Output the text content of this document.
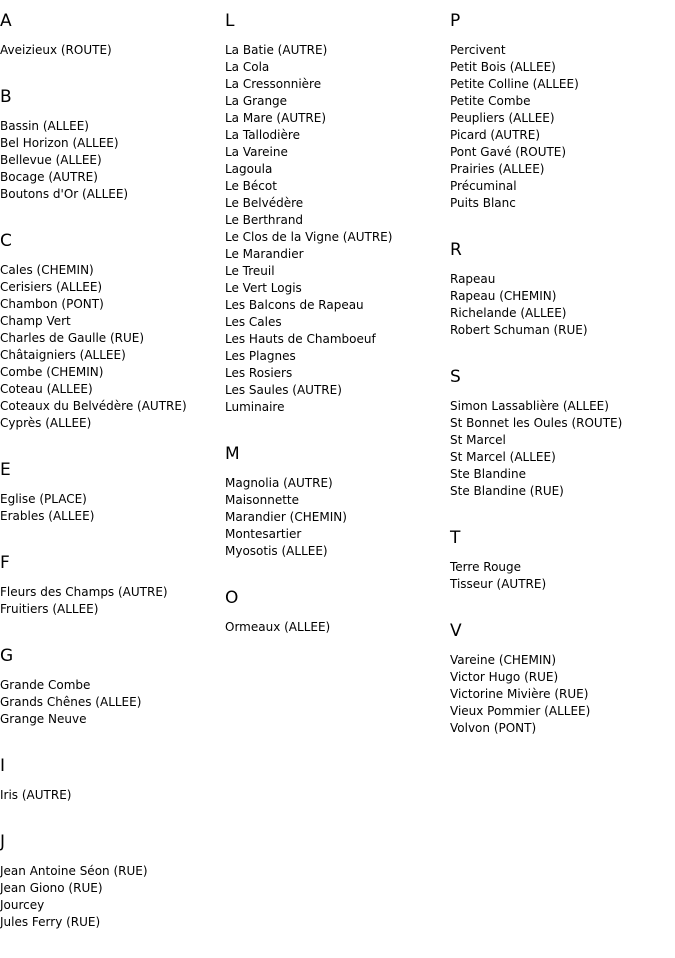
A
Aveizieux (ROUTE)
B
Bassin (ALLEE)
Bel Horizon (ALLEE)
Bellevue (ALLEE)
Bocage (AUTRE)
Boutons d'Or (ALLEE)
C
Cales (CHEMIN)
Cerisiers (ALLEE)
Chambon (PONT)
Champ Vert
Charles de Gaulle (RUE)
Châtaigniers (ALLEE)
Combe (CHEMIN)
Coteau (ALLEE)
Coteaux du Belvédère (AUTRE)
Cyprès (ALLEE)
E
Eglise (PLACE)
Erables (ALLEE)
F
Fleurs des Champs (AUTRE)
Fruitiers (ALLEE)
G
Grande Combe
Grands Chênes (ALLEE)
Grange Neuve
I
Iris (AUTRE)
J
Jean Antoine Séon (RUE)
Jean Giono (RUE)
Jourcey
Jules Ferry (RUE)
L
La Batie (AUTRE)
La Cola
La Cressonnière
La Grange
La Mare (AUTRE)
La Tallodière
La Vareine
Lagoula
Le Bécot
Le Belvédère
Le Berthrand
Le Clos de la Vigne (AUTRE)
Le Marandier
Le Treuil
Le Vert Logis
Les Balcons de Rapeau
Les Cales
Les Hauts de Chamboeuf
Les Plagnes
Les Rosiers
Les Saules (AUTRE)
Luminaire
M
Magnolia (AUTRE)
Maisonnette
Marandier (CHEMIN)
Montesartier
Myosotis (ALLEE)
O
Ormeaux (ALLEE)
P
Percivent
Petit Bois (ALLEE)
Petite Colline (ALLEE)
Petite Combe
Peupliers (ALLEE)
Picard (AUTRE)
Pont Gavé (ROUTE)
Prairies (ALLEE)
Précuminal
Puits Blanc
R
Rapeau
Rapeau (CHEMIN)
Richelande (ALLEE)
Robert Schuman (RUE)
S
Simon Lassablière (ALLEE)
St Bonnet les Oules (ROUTE)
St Marcel
St Marcel (ALLEE)
Ste Blandine
Ste Blandine (RUE)
T
Terre Rouge
Tisseur (AUTRE)
V
Vareine (CHEMIN)
Victor Hugo (RUE)
Victorine Mivière (RUE)
Vieux Pommier (ALLEE)
Volvon (PONT)
